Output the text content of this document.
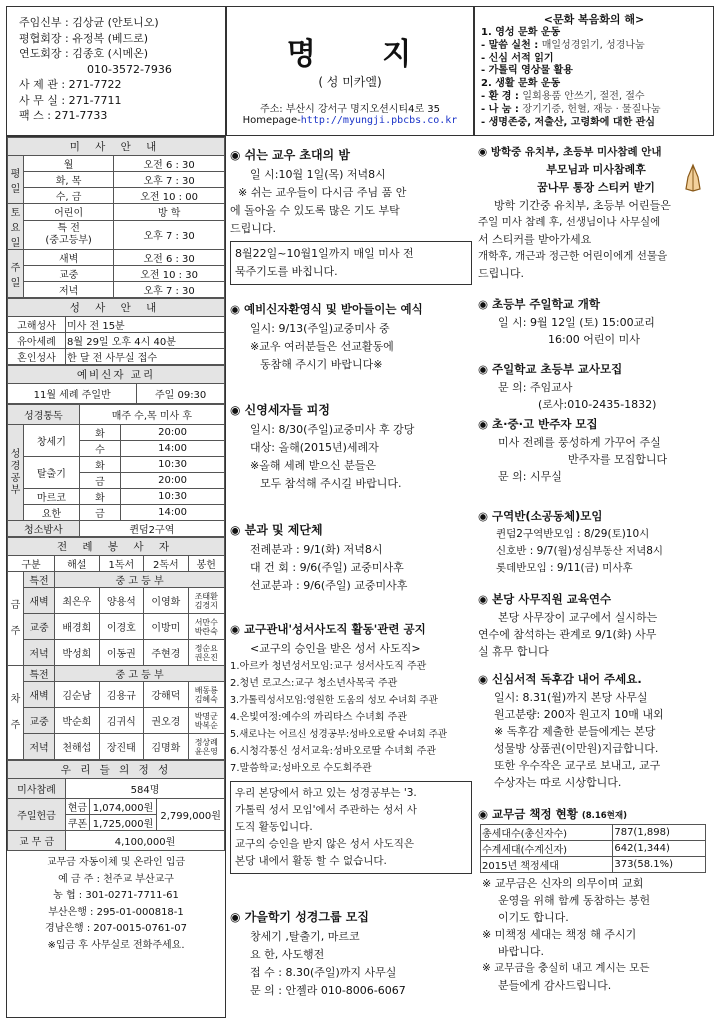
주임신부 : 김상균 (안토니오)
평협회장 : 유정복 (베드로)
연도회장 : 김종호 (시메온)
010-3572-7936
사 제 관 : 271-7722
사 무 실 : 271-7711
팩 스 : 271-7733
명 지
( 성 미카엘)
주소: 부산시 강서구 명지오션시티4로 35
Homepage-http://myungji.pbcbs.co.kr
<문화 복음화의 해>
1. 영성 문화 운동
- 말씀 실천 : 매일성경읽기, 성경나눔
- 신심 서적 읽기
- 가톨릭 영상물 활용
2. 생활 문화 운동
- 환 경 : 일회용품 안쓰기, 절전, 절수
- 나 눔 : 장기기증, 헌혈, 재능 · 물질나눔
- 생명존중, 저출산, 고령화에 대한 관심
미 사 안 내		
평일	월	오전 6 : 30
	화, 목	오후 7 : 30
	수, 금	오전 10 : 00
토요일	어린이	방 학
	특 전
(중고등부)	오후 7 : 30
주일	새벽	오전 6 : 30
	교중	오전 10 : 30
	저녁	오후 7 : 30
성 사 안 내	
고해성사	미사 전 15분
유아세례	8월 29일 오후 4시 40분
혼인성사	한 달 전 사무실 접수
예비신자 교리
11월 세례 주일반	주일 09:30
성경통독		매주 수,목 미사 후	
성경공부	창세기	화	20:00
		수	14:00
	탈출기	화	10:30
		금	20:00
	마르코	화	10:30
	요한	금	14:00
청소밤사		퀸덤2구역	
전 례 봉 사 자					
구분		해설	1독서	2독서	봉헌
금주	특전	중 고 등 부			
	새벽	최은우	양용석	이영화	조태환
김경지
	교중	배경희	이경호	이방미	서만수
박란숙
	저녁	박성희	이동권	주현경	정순요
권은진
차주	특전	중 고 등 부			
	새벽	김순남	김용규	강해덕	배동룡
김혜숙
	교중	박순희	김귀식	권오경	박명군
박복순
	저녁	천해섭	장진태	김명화	정상례
윤은영
우 리 들 의 정 성			
미사참례	584명		
주일헌금	현금	1,074,000원	2,799,000원
	쿠폰	1,725,000원	
교 무 금	4,100,000원		
교무금 자동이체 및 온라인 입금
예 금 주 : 천주교 부산교구
농 협 : 301-0271-7711-61
부산은행 : 295-01-000818-1
경남은행 : 207-0015-0761-07
※입금 후 사무실로 전화주세요.
◉ 쉬는 교우 초대의 밤

일 시:10월 1일(목) 저녁8시

※ 쉬는 교우들이 다시금 주님 품 안

에 돌아올 수 있도록 많은 기도 부탁

드립니다.

8월22일~10월1일까지 매일 미사 전

묵주기도를 바칩니다.

◉ 예비신자환영식 및 받아들이는 예식

일시: 9/13(주일)교중미사 중

※교우 여러분들은 선교활동에

동참해 주시기 바랍니다※

◉ 신영세자들 피정

일시: 8/30(주일)교중미사 후 강당

대상: 올해(2015년)세례자

※올해 세례 받으신 분들은

모두 참석해 주시길 바랍니다.

◉ 분과 및 제단체

전례분과 : 9/1(화) 저녁8시

대 건 회 : 9/6(주일) 교중미사후

선교분과 : 9/6(주일) 교중미사후

◉ 교구관내'성서사도직 활동'관련 공지

<교구의 승인을 받은 성서 사도직>

1.아르카 청년성서모임:교구 성서사도직 주관

2.청년 로고스:교구 청소년사목국 주관

3.가톨릭성서모임:영원한 도움의 성모 수녀회 주관

4.은빛여정:예수의 까리타스 수녀회 주관

5.새로나는 어르신 성경공부:성바오로딸 수녀회 주관

6.시청각통신 성서교육:성바오로딸 수녀회 주관

7.말씀학교:성바오로 수도회주관

우리 본당에서 하고 있는 성경공부는 '3.

가톨릭 성서 모임'에서 주관하는 성서 사

도직 활동입니다.

교구의 승인을 받지 않은 성서 사도직은

본당 내에서 활동 할 수 없습니다.

◉ 가을학기 성경그룹 모집

창세기 ,탈출기, 마르코

요 한, 사도행전

접 수 : 8.30(주일)까지 사무실

문 의 : 안젤라 010-8006-6067

◉ 방학중 유치부, 초등부 미사참례 안내
부모님과 미사참례후
꿈나무 통장 스티커 받기

방학 기간중 유치부, 초등부 어린들은

주일 미사 참례 후, 선생님이나 사무실에

서 스티커를 받아가세요

개학후, 개근과 정근한 어린이에게 선물을

드립니다.

◉ 초등부 주일학교 개학

일 시: 9월 12일 (토) 15:00교리

16:00 어린이 미사

◉ 주일학교 초등부 교사모집

문 의: 주임교사

(로사:010-2435-1832)

◉ 초·중·고 반주자 모집

미사 전례를 풍성하게 가꾸어 주실

반주자를 모집합니다

문 의: 시무실

◉ 구역반(소공동체)모임

퀸덤2구역반모임 : 8/29(토)10시

신호반 : 9/7(월)성심부동산 저녁8시

롯데반모임 : 9/11(금) 미사후

◉ 본당 사무직원 교육연수

본당 사무장이 교구에서 실시하는

연수에 참석하는 관계로 9/1(화) 사무

실 휴무 합니다

◉ 신심서적 독후감 내어 주세요.

일시: 8.31(월)까지 본당 사무실

원고분량: 200자 원고지 10매 내외

※ 독후감 제출한 분들에게는 본당

성물방 상품권(이만원)지급합니다.

또한 우수작은 교구로 보내고, 교구

수상자는 따로 시상합니다.

◉ 교무금 책정 현황 (8.16현재)
총세대수(총신자수)	787(1,898)
수계세대(수계신자)	642(1,344)
2015년 책정세대	373(58.1%)

※ 교무금은 신자의 의무이며 교회

운영을 위해 함께 동참하는 봉헌

이기도 합니다.

※ 미책정 세대는 책정 해 주시기

바랍니다.

※ 교무금을 충실히 내고 계시는 모든

분들에게 감사드립니다.
